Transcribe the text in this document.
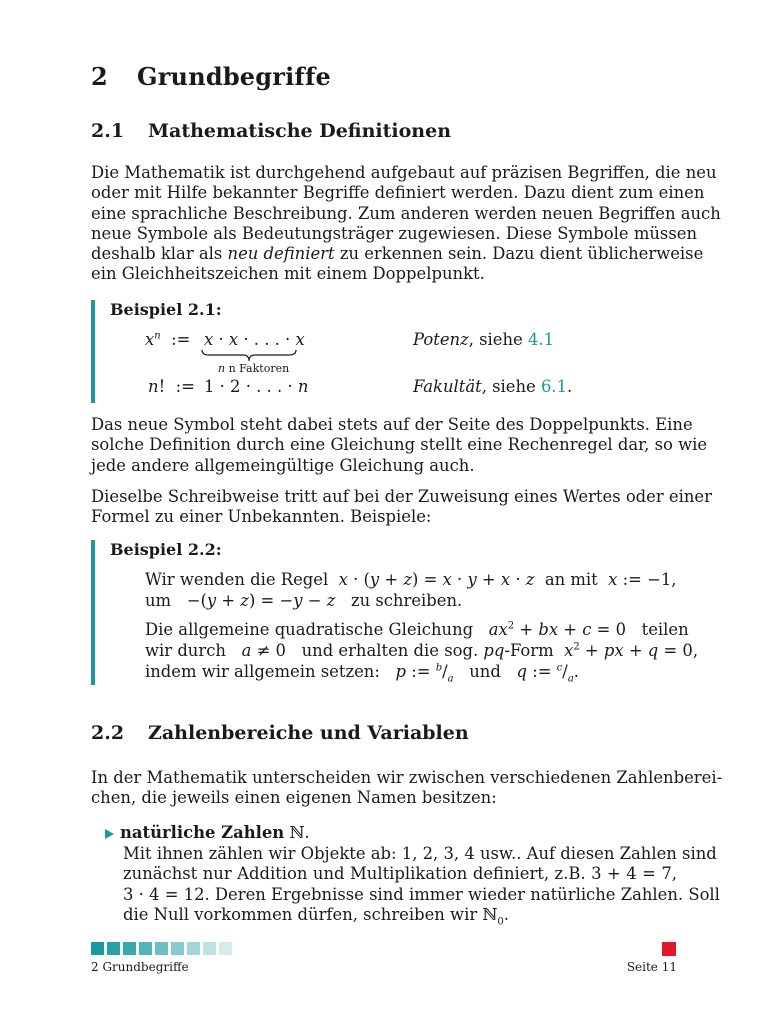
2 Grundbegriffe
2.1 Mathematische Definitionen

Die Mathematik ist durchgehend aufgebaut auf präzisen Begriffen, die neu
oder mit Hilfe bekannter Begriffe definiert werden. Dazu dient zum einen
eine sprachliche Beschreibung. Zum anderen werden neuen Begriffen auch
neue Symbole als Bedeutungsträger zugewiesen. Diese Symbole müssen
deshalb klar als neu definiert zu erkennen sein. Dazu dient üblicherweise
ein Gleichheitszeichen mit einem Doppelpunkt.

Beispiel 2.1:
$x^n$  := x · x · . . . · x
n n Faktoren
Potenz, siehe 4.1
n!  := 1 · 2 · . . . · n	Fakultät, siehe 6.1.

Das neue Symbol steht dabei stets auf der Seite des Doppelpunkts. Eine
solche Definition durch eine Gleichung stellt eine Rechenregel dar, so wie
jede andere allgemeingültige Gleichung auch.

Dieselbe Schreibweise tritt auf bei der Zuweisung eines Wertes oder einer
Formel zu einer Unbekannten. Beispiele:

Beispiel 2.2:
Wir wenden die Regel x · (y + z) = x · y + x · z an mit x := −1,
um   −(y + z) = −y − z zu schreiben.
Die allgemeine quadratische Gleichung $ax^2$ + bx + c = 0   teilen
wir durch a ≠ 0   und erhalten die sog. pq-Form $x^2$ + px + q = 0,
indem wir allgemein setzen: p := $^b/_a$ und q := $^c/_a$.
2.2 Zahlenbereiche und Variablen

In der Mathematik unterscheiden wir zwischen verschiedenen Zahlenberei-
chen, die jeweils einen eigenen Namen besitzen:

natürliche Zahlen ℕ.

Mit ihnen zählen wir Objekte ab: 1, 2, 3, 4 usw.. Auf diesen Zahlen sind
zunächst nur Addition und Multiplikation definiert, z.B. 3 + 4 = 7,
3 · 4 = 12. Deren Ergebnisse sind immer wieder natürliche Zahlen. Soll
die Null vorkommen dürfen, schreiben wir ℕ$_0$.

2 Grundbegriffe	Seite 11
